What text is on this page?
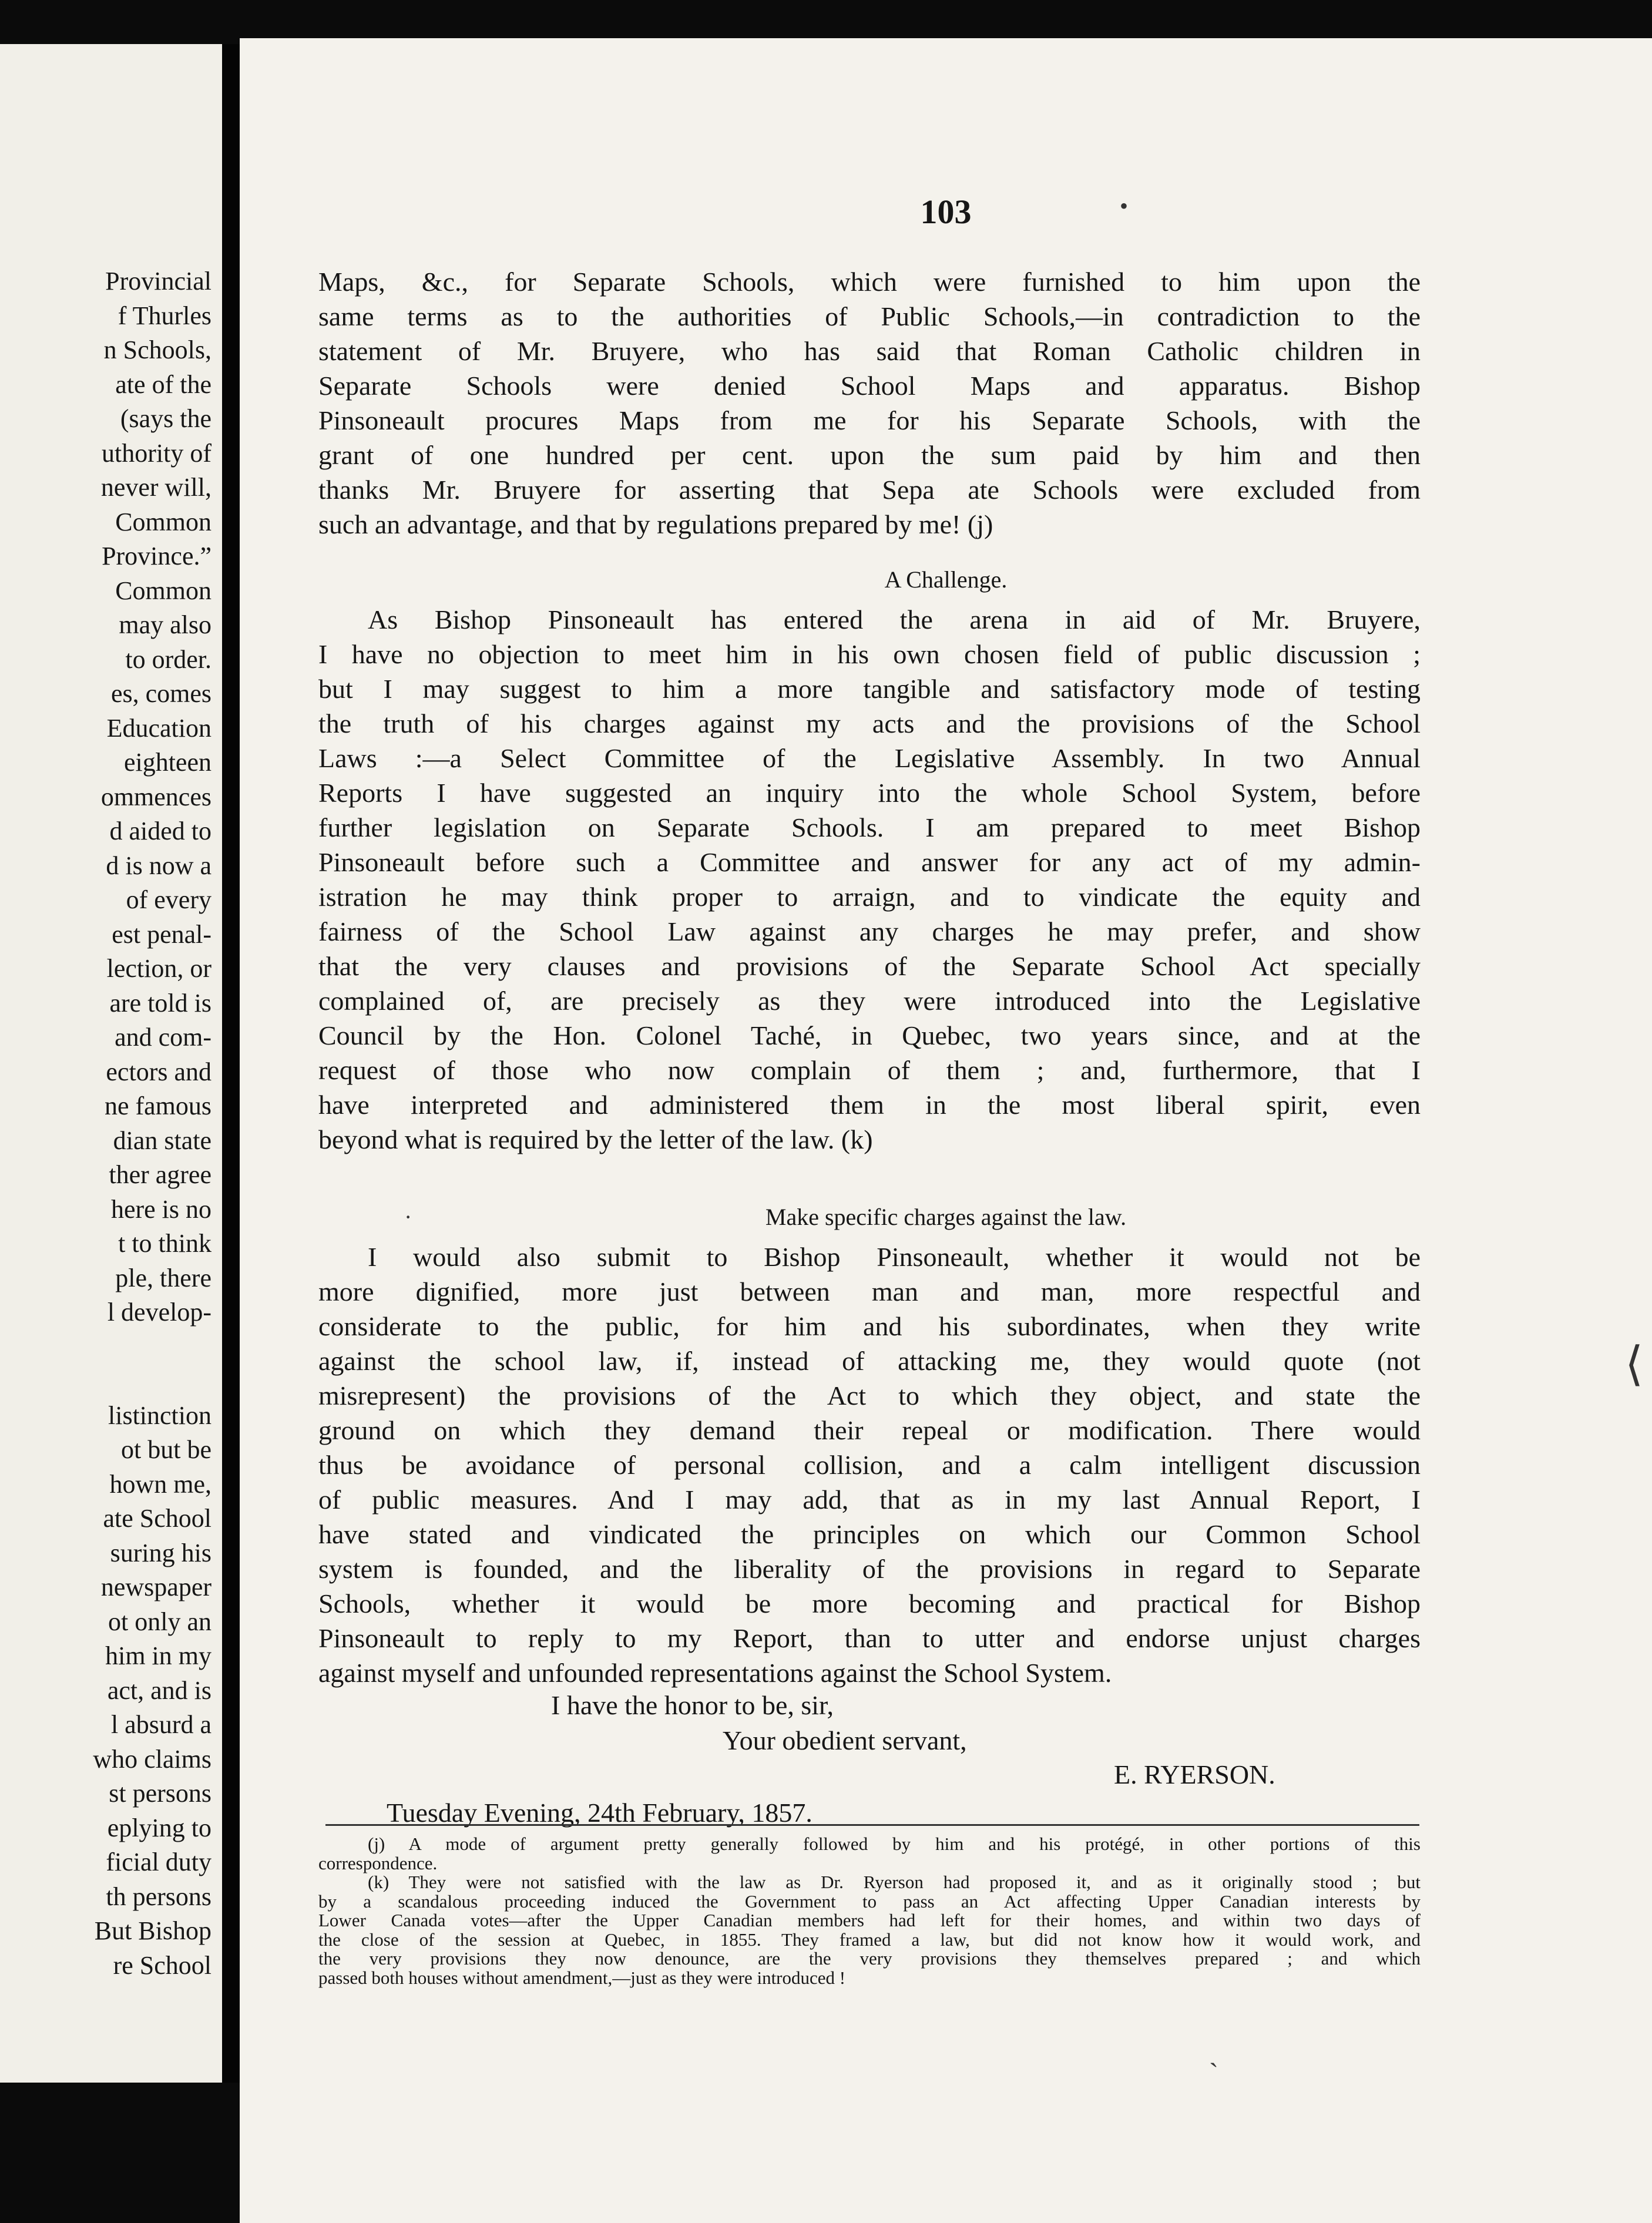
Provincial
f Thurles
n Schools,
ate of the
(says the
uthority of
never will,
Common
Province.”
Common
may also
to order.
es, comes
Education
eighteen
ommences
d aided to
d is now a
of every
est penal-
lection, or
are told is
and com-
ectors and
ne famous
dian state
ther agree
here is no
t to think
ple, there
l develop-
listinction
ot but be
hown me,
ate School
suring his
newspaper
ot only an
him in my
act, and is
l absurd a
who claims
st persons
eplying to
ficial duty
th persons
But Bishop
re School
103	•
Maps, &c., for Separate Schools, which were furnished to him upon the
same terms as to the authorities of Public Schools,—in contradiction to the
statement of Mr. Bruyere, who has said that Roman Catholic children in
Separate Schools were denied School Maps and apparatus. Bishop
Pinsoneault procures Maps from me for his Separate Schools, with the
grant of one hundred per cent. upon the sum paid by him and then
thanks Mr. Bruyere for asserting that Sepa ate Schools were excluded from
such an advantage, and that by regulations prepared by me! (j)
A Challenge.
As Bishop Pinsoneault has entered the arena in aid of Mr. Bruyere,
I have no objection to meet him in his own chosen field of public discussion ;
but I may suggest to him a more tangible and satisfactory mode of testing
the truth of his charges against my acts and the provisions of the School
Laws :—a Select Committee of the Legislative Assembly. In two Annual
Reports I have suggested an inquiry into the whole School System, before
further legislation on Separate Schools. I am prepared to meet Bishop
Pinsoneault before such a Committee and answer for any act of my admin-
istration he may think proper to arraign, and to vindicate the equity and
fairness of the School Law against any charges he may prefer, and show
that the very clauses and provisions of the Separate School Act specially
complained of, are precisely as they were introduced into the Legislative
Council by the Hon. Colonel Taché, in Quebec, two years since, and at the
request of those who now complain of them ; and, furthermore, that I
have interpreted and administered them in the most liberal spirit, even
beyond what is required by the letter of the law. (k)
Make specific charges against the law.
·
I would also submit to Bishop Pinsoneault, whether it would not be
more dignified, more just between man and man, more respectful and
considerate to the public, for him and his subordinates, when they write
against the school law, if, instead of attacking me, they would quote (not
misrepresent) the provisions of the Act to which they object, and state the
ground on which they demand their repeal or modification. There would
thus be avoidance of personal collision, and a calm intelligent discussion
of public measures. And I may add, that as in my last Annual Report, I
have stated and vindicated the principles on which our Common School
system is founded, and the liberality of the provisions in regard to Separate
Schools, whether it would be more becoming and practical for Bishop
Pinsoneault to reply to my Report, than to utter and endorse unjust charges
against myself and unfounded representations against the School System.
I have the honor to be, sir,
Your obedient servant,
E. RYERSON.
Tuesday Evening, 24th February, 1857.
(j) A mode of argument pretty generally followed by him and his protégé, in other portions of this
correspondence.
(k) They were not satisfied with the law as Dr. Ryerson had proposed it, and as it originally stood ; but
by a scandalous proceeding induced the Government to pass an Act affecting Upper Canadian interests by
Lower Canada votes—after the Upper Canadian members had left for their homes, and within two days of
the close of the session at Quebec, in 1855. They framed a law, but did not know how it would work, and
the very provisions they now denounce, are the very provisions they themselves prepared ; and which
passed both houses without amendment,—just as they were introduced !
ˏ
⟨
